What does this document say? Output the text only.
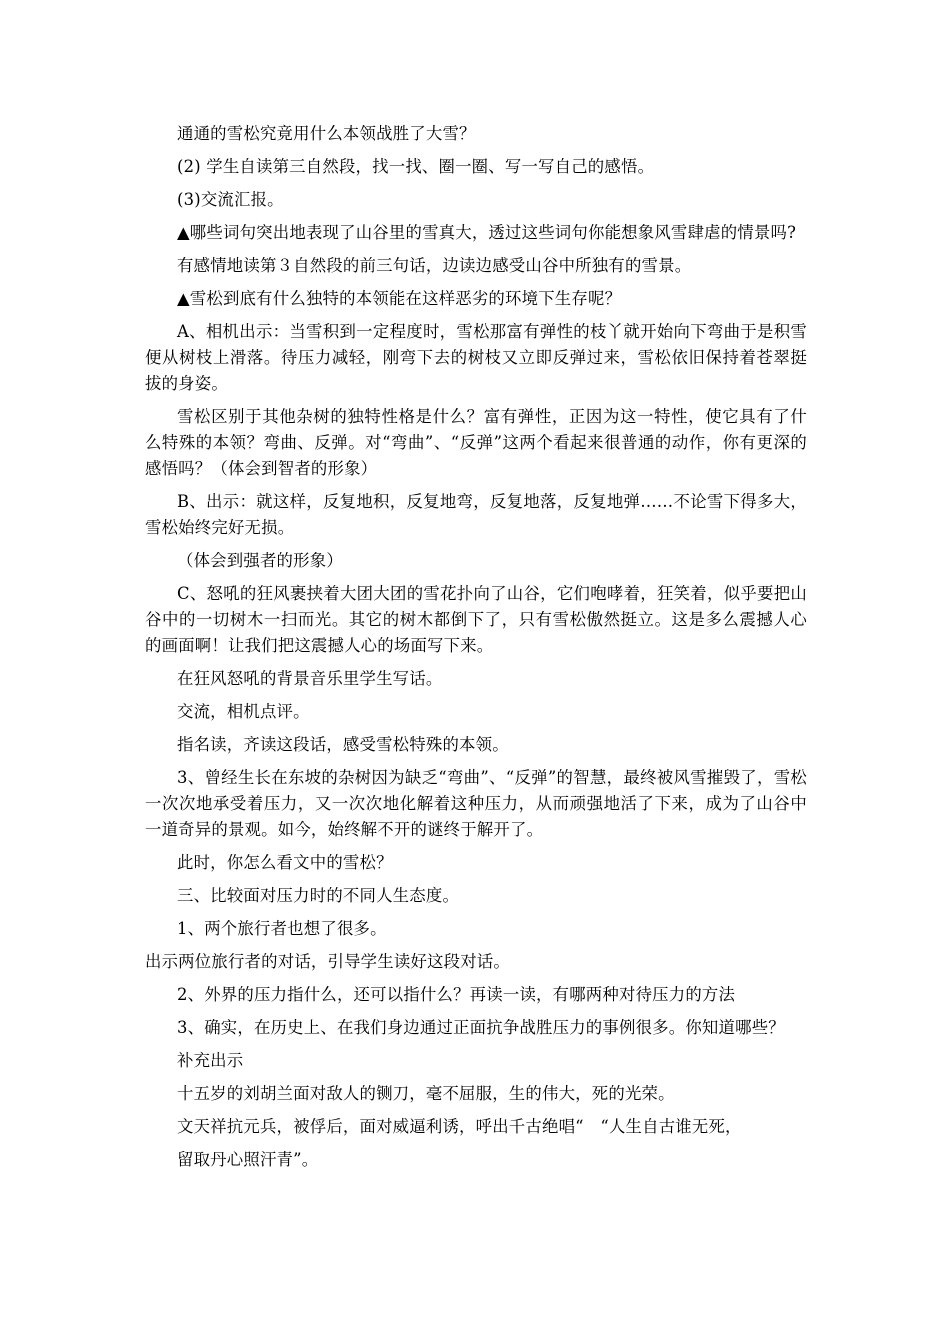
通通的雪松究竟用什么本领战胜了大雪？

(2) 学生自读第三自然段，找一找、圈一圈、写一写自己的感悟。

(3)交流汇报。

▲哪些词句突出地表现了山谷里的雪真大，透过这些词句你能想象风雪肆虐的情景吗?

有感情地读第３自然段的前三句话，边读边感受山谷中所独有的雪景。

▲雪松到底有什么独特的本领能在这样恶劣的环境下生存呢？

A、相机出示：当雪积到一定程度时，雪松那富有弹性的枝丫就开始向下弯曲于是积雪便从树枝上滑落。待压力减轻，刚弯下去的树枝又立即反弹过来，雪松依旧保持着苍翠挺拔的身姿。

雪松区别于其他杂树的独特性格是什么？富有弹性，正因为这一特性，使它具有了什么特殊的本领？弯曲、反弹。对“弯曲”、“反弹”这两个看起来很普通的动作，你有更深的感悟吗？（体会到智者的形象）

B、出示：就这样，反复地积，反复地弯，反复地落，反复地弹……不论雪下得多大，雪松始终完好无损。

（体会到强者的形象）

C、怒吼的狂风裹挟着大团大团的雪花扑向了山谷，它们咆哮着，狂笑着，似乎要把山谷中的一切树木一扫而光。其它的树木都倒下了，只有雪松傲然挺立。这是多么震撼人心的画面啊！让我们把这震撼人心的场面写下来。

在狂风怒吼的背景音乐里学生写话。

交流，相机点评。

指名读，齐读这段话，感受雪松特殊的本领。

3、曾经生长在东坡的杂树因为缺乏“弯曲”、“反弹”的智慧，最终被风雪摧毁了，雪松一次次地承受着压力，又一次次地化解着这种压力，从而顽强地活了下来，成为了山谷中一道奇异的景观。如今，始终解不开的谜终于解开了。

此时，你怎么看文中的雪松？

三、比较面对压力时的不同人生态度。

1、两个旅行者也想了很多。

出示两位旅行者的对话，引导学生读好这段对话。

2、外界的压力指什么，还可以指什么？再读一读，有哪两种对待压力的方法

3、确实，在历史上、在我们身边通过正面抗争战胜压力的事例很多。你知道哪些？

补充出示

十五岁的刘胡兰面对敌人的铡刀，毫不屈服，生的伟大，死的光荣。

文天祥抗元兵，被俘后，面对威逼利诱，呼出千古绝唱“　“人生自古谁无死，

留取丹心照汗青”。
